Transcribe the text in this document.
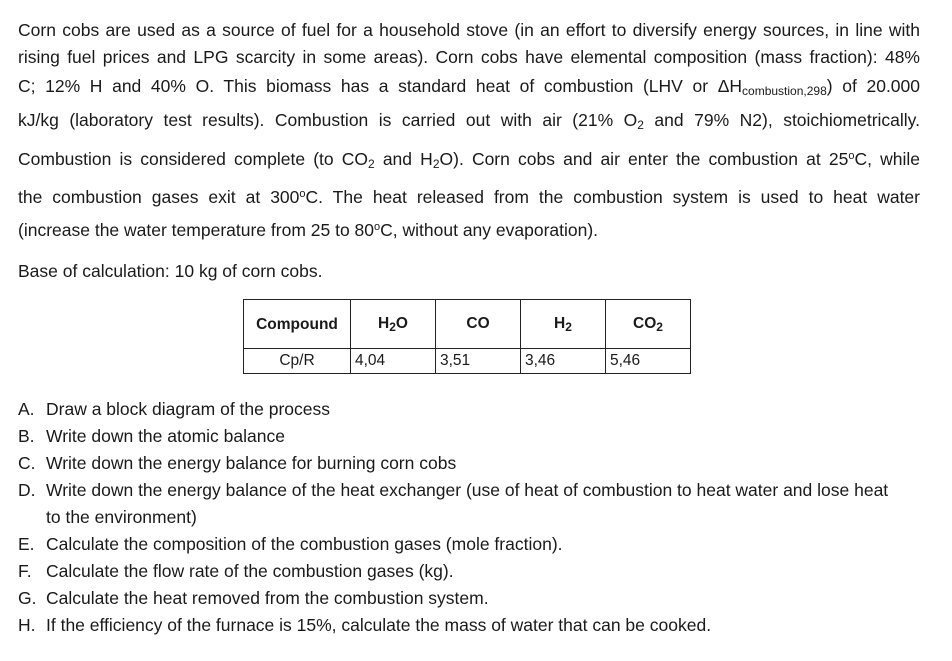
Corn cobs are used as a source of fuel for a household stove (in an effort to diversify energy sources, in line with
rising fuel prices and LPG scarcity in some areas). Corn cobs have elemental composition (mass fraction): 48%
C; 12% H and 40% O. This biomass has a standard heat of combustion (LHV or $\Delta H_{combustion,298}$) of 20.000
kJ/kg (laboratory test results). Combustion is carried out with air (21% $O_2$ and 79% N2), stoichiometrically.
Combustion is considered complete (to $CO_2$ and $H_2O$). Corn cobs and air enter the combustion at 25$^o$C, while
the combustion gases exit at 300$^o$C. The heat released from the combustion system is used to heat water
(increase the water temperature from 25 to 80$^o$C, without any evaporation).
Base of calculation: 10 kg of corn cobs.
Compound	$H_2O$	CO	$H_2$	$CO_2$
Cp/R	4,04	3,51	3,46	5,46
A. Draw a block diagram of the process
B. Write down the atomic balance
C. Write down the energy balance for burning corn cobs
D. Write down the energy balance of the heat exchanger (use of heat of combustion to heat water and lose heat
to the environment)
E. Calculate the composition of the combustion gases (mole fraction).
F. Calculate the flow rate of the combustion gases (kg).
G. Calculate the heat removed from the combustion system.
H. If the efficiency of the furnace is 15%, calculate the mass of water that can be cooked.
